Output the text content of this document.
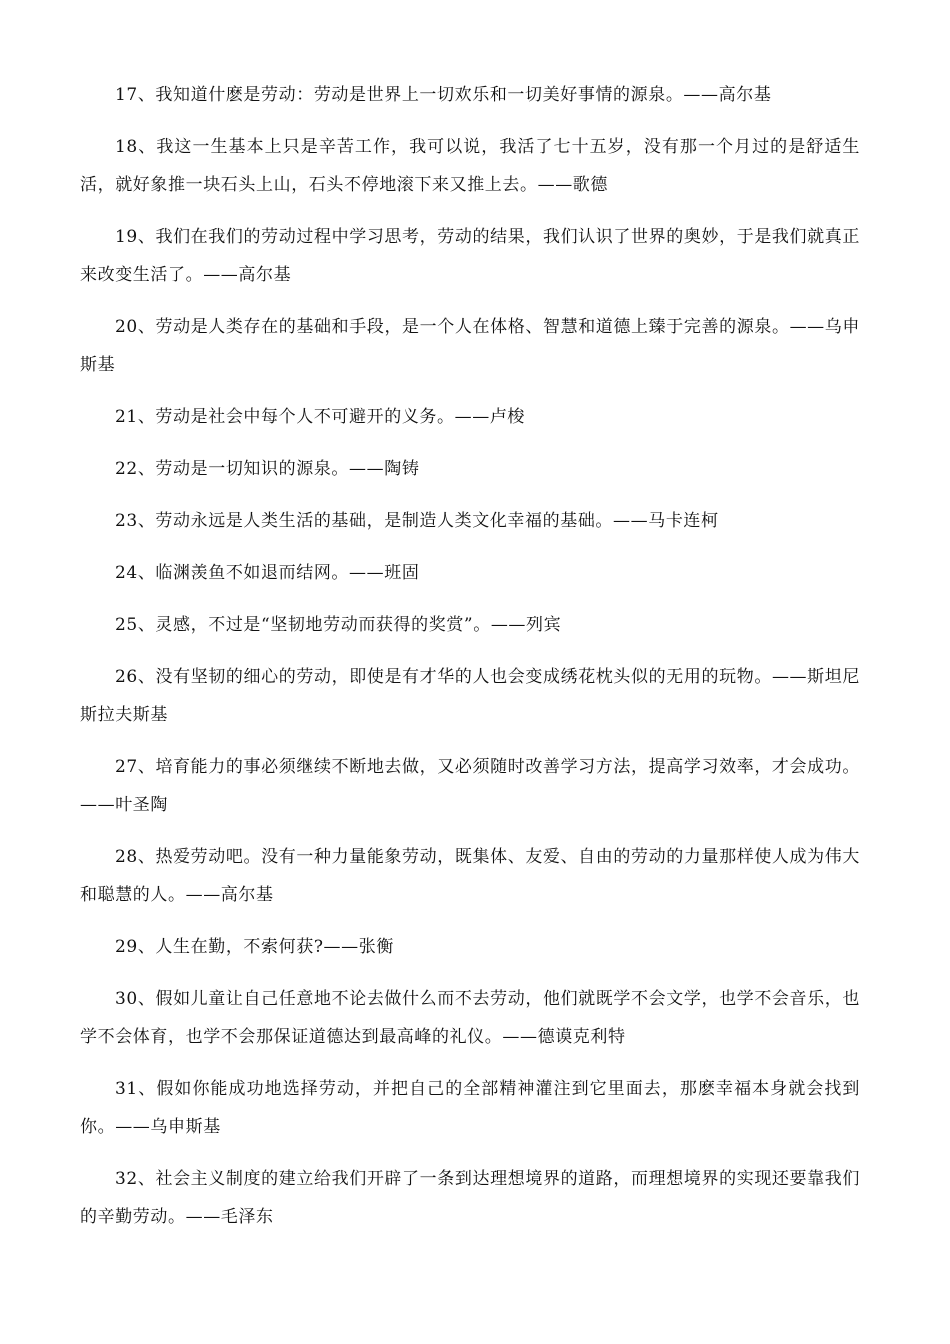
17、我知道什麽是劳动：劳动是世界上一切欢乐和一切美好事情的源泉。——高尔基

18、我这一生基本上只是辛苦工作，我可以说，我活了七十五岁，没有那一个月过的是舒适生活，就好象推一块石头上山，石头不停地滚下来又推上去。——歌德

19、我们在我们的劳动过程中学习思考，劳动的结果，我们认识了世界的奥妙，于是我们就真正来改变生活了。——高尔基

20、劳动是人类存在的基础和手段，是一个人在体格、智慧和道德上臻于完善的源泉。——乌申斯基

21、劳动是社会中每个人不可避开的义务。——卢梭

22、劳动是一切知识的源泉。——陶铸

23、劳动永远是人类生活的基础，是制造人类文化幸福的基础。——马卡连柯

24、临渊羡鱼不如退而结网。——班固

25、灵感，不过是“坚韧地劳动而获得的奖赏”。——列宾

26、没有坚韧的细心的劳动，即使是有才华的人也会变成绣花枕头似的无用的玩物。——斯坦尼斯拉夫斯基

27、培育能力的事必须继续不断地去做，又必须随时改善学习方法，提高学习效率，才会成功。——叶圣陶

28、热爱劳动吧。没有一种力量能象劳动，既集体、友爱、自由的劳动的力量那样使人成为伟大和聪慧的人。——高尔基

29、人生在勤，不索何获?——张衡

30、假如儿童让自己任意地不论去做什么而不去劳动，他们就既学不会文学，也学不会音乐，也学不会体育，也学不会那保证道德达到最高峰的礼仪。——德谟克利特

31、假如你能成功地选择劳动，并把自己的全部精神灌注到它里面去，那麽幸福本身就会找到你。——乌申斯基

32、社会主义制度的建立给我们开辟了一条到达理想境界的道路，而理想境界的实现还要靠我们的辛勤劳动。——毛泽东
